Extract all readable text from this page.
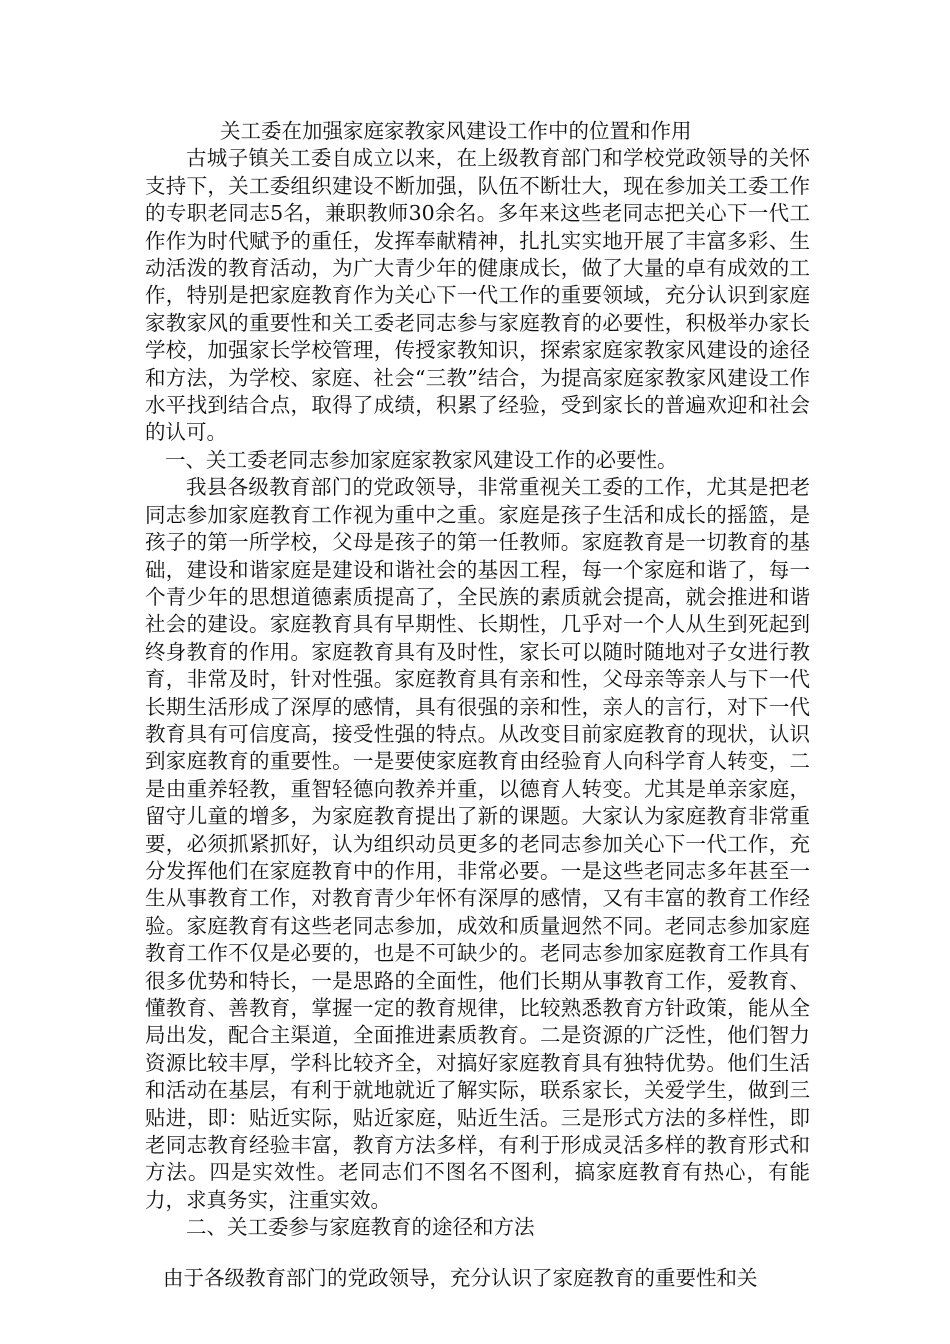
关工委在加强家庭家教家风建设工作中的位置和作用

古城子镇关工委自成立以来，在上级教育部门和学校党政领导的关怀支持下，关工委组织建设不断加强，队伍不断壮大，现在参加关工委工作的专职老同志5名，兼职教师30余名。多年来这些老同志把关心下一代工作作为时代赋予的重任，发挥奉献精神，扎扎实实地开展了丰富多彩、生动活泼的教育活动，为广大青少年的健康成长，做了大量的卓有成效的工作，特别是把家庭教育作为关心下一代工作的重要领域，充分认识到家庭家教家风的重要性和关工委老同志参与家庭教育的必要性，积极举办家长学校，加强家长学校管理，传授家教知识，探索家庭家教家风建设的途径和方法，为学校、家庭、社会“三教”结合，为提高家庭家教家风建设工作水平找到结合点，取得了成绩，积累了经验，受到家长的普遍欢迎和社会的认可。

一、关工委老同志参加家庭家教家风建设工作的必要性。

我县各级教育部门的党政领导，非常重视关工委的工作，尤其是把老同志参加家庭教育工作视为重中之重。家庭是孩子生活和成长的摇篮，是孩子的第一所学校，父母是孩子的第一任教师。家庭教育是一切教育的基础，建设和谐家庭是建设和谐社会的基因工程，每一个家庭和谐了，每一个青少年的思想道德素质提高了，全民族的素质就会提高，就会推进和谐社会的建设。家庭教育具有早期性、长期性，几乎对一个人从生到死起到终身教育的作用。家庭教育具有及时性，家长可以随时随地对子女进行教育，非常及时，针对性强。家庭教育具有亲和性，父母亲等亲人与下一代长期生活形成了深厚的感情，具有很强的亲和性，亲人的言行，对下一代教育具有可信度高，接受性强的特点。从改变目前家庭教育的现状，认识到家庭教育的重要性。一是要使家庭教育由经验育人向科学育人转变，二是由重养轻教，重智轻德向教养并重，以德育人转变。尤其是单亲家庭，留守儿童的增多，为家庭教育提出了新的课题。大家认为家庭教育非常重要，必须抓紧抓好，认为组织动员更多的老同志参加关心下一代工作，充分发挥他们在家庭教育中的作用，非常必要。一是这些老同志多年甚至一生从事教育工作，对教育青少年怀有深厚的感情，又有丰富的教育工作经验。家庭教育有这些老同志参加，成效和质量迥然不同。老同志参加家庭教育工作不仅是必要的，也是不可缺少的。老同志参加家庭教育工作具有很多优势和特长，一是思路的全面性，他们长期从事教育工作，爱教育、懂教育、善教育，掌握一定的教育规律，比较熟悉教育方针政策，能从全局出发，配合主渠道，全面推进素质教育。二是资源的广泛性，他们智力资源比较丰厚，学科比较齐全，对搞好家庭教育具有独特优势。他们生活和活动在基层，有利于就地就近了解实际，联系家长，关爱学生，做到三贴进，即：贴近实际，贴近家庭，贴近生活。三是形式方法的多样性，即老同志教育经验丰富，教育方法多样，有利于形成灵活多样的教育形式和方法。四是实效性。老同志们不图名不图利，搞家庭教育有热心，有能力，求真务实，注重实效。

二、关工委参与家庭教育的途径和方法

由于各级教育部门的党政领导，充分认识了家庭教育的重要性和关
